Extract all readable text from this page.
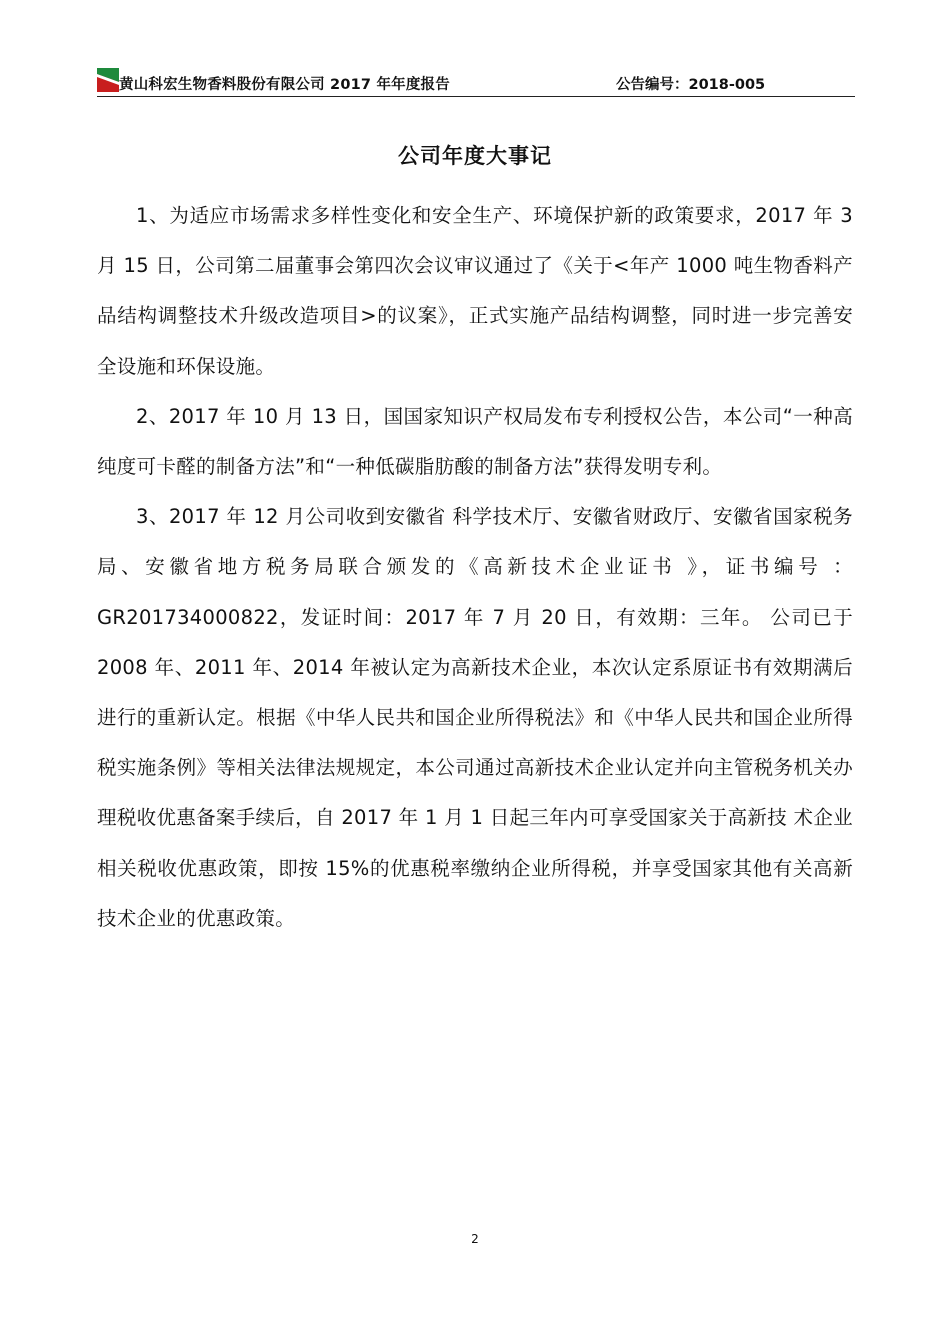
黄山科宏生物香料股份有限公司 2017 年年度报告	公告编号：2018-005
公司年度大事记

1、为适应市场需求多样性变化和安全生产、环境保护新的政策要求，2017 年 3 月 15 日，公司第二届董事会第四次会议审议通过了《关于<年产 1000 吨生物香料产品结构调整技术升级改造项目>的议案》，正式实施产品结构调整，同时进一步完善安全设施和环保设施。

2、2017 年 10 月 13 日，国国家知识产权局发布专利授权公告，本公司“一种高纯度可卡醛的制备方法”和“一种低碳脂肪酸的制备方法”获得发明专利。

3、2017 年 12 月公司收到安徽省 科学技术厅、安徽省财政厅、安徽省国家税务局、安徽省地方税务局联合颁发的《高新技术企业证书 》，证书编号 ：GR201734000822，发证时间：2017 年 7 月 20 日，有效期：三年。 公司已于 2008 年、2011 年、2014 年被认定为高新技术企业，本次认定系原证书有效期满后进行的重新认定。根据《中华人民共和国企业所得税法》和《中华人民共和国企业所得税实施条例》等相关法律法规规定，本公司通过高新技术企业认定并向主管税务机关办理税收优惠备案手续后，自 2017 年 1 月 1 日起三年内可享受国家关于高新技 术企业相关税收优惠政策，即按 15%的优惠税率缴纳企业所得税，并享受国家其他有关高新技术企业的优惠政策。

2
